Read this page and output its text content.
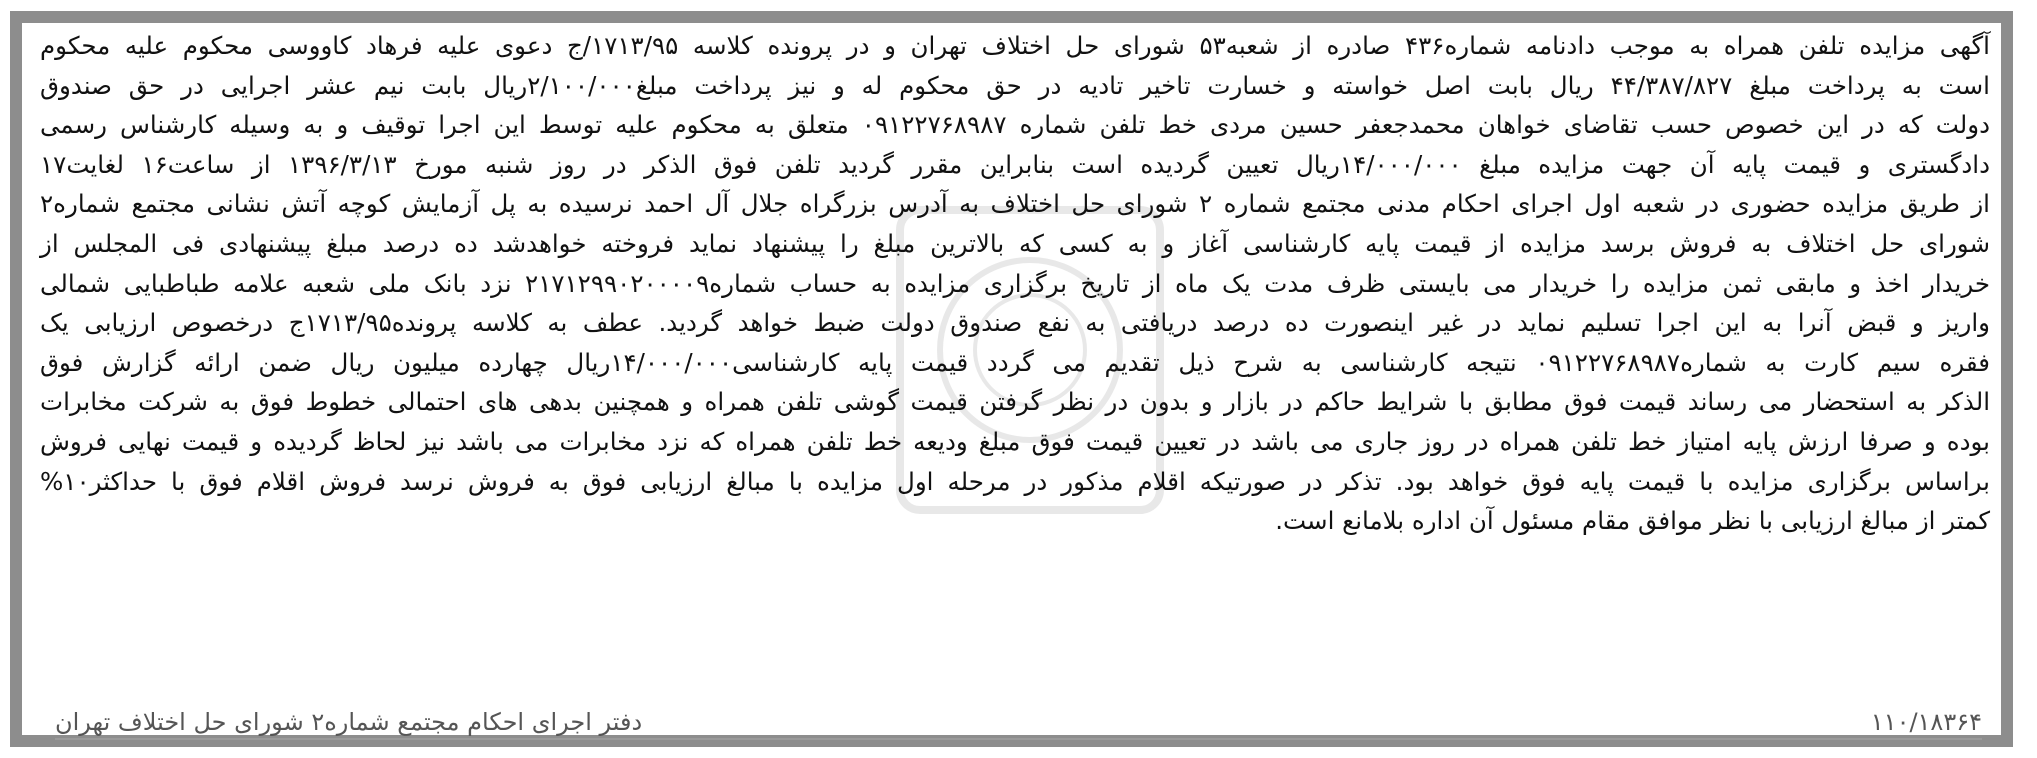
آگهی مزایده تلفن همراه به موجب دادنامه شماره۴۳۶ صادره از شعبه۵۳ شورای حل اختلاف تهران و در پرونده کلاسه ۱۷۱۳/۹۵/ج دعوی علیه فرهاد کاووسی محکوم علیه محکوم
است به پرداخت مبلغ ۴۴/۳۸۷/۸۲۷ ریال بابت اصل خواسته و خسارت تاخیر تادیه در حق محکوم له و نیز پرداخت مبلغ۲/۱۰۰/۰۰۰ریال بابت نیم عشر اجرایی در حق صندوق
دولت که در این خصوص حسب تقاضای خواهان محمدجعفر حسین مردی خط تلفن شماره ۰۹۱۲۲۷۶۸۹۸۷ متعلق به محکوم علیه توسط این اجرا توقیف و به وسیله کارشناس رسمی
دادگستری و قیمت پایه آن جهت مزایده مبلغ ۱۴/۰۰۰/۰۰۰ریال تعیین گردیده است بنابراین مقرر گردید تلفن فوق الذکر در روز شنبه مورخ ۱۳۹۶/۳/۱۳ از ساعت۱۶ لغایت۱۷
از طریق مزایده حضوری در شعبه اول اجرای احکام مدنی مجتمع شماره ۲ شورای حل اختلاف به آدرس بزرگراه جلال آل احمد نرسیده به پل آزمایش کوچه آتش نشانی مجتمع شماره۲
شورای حل اختلاف به فروش برسد مزایده از قیمت پایه کارشناسی آغاز و به کسی که بالاترین مبلغ را پیشنهاد نماید فروخته خواهدشد ده درصد مبلغ پیشنهادی فی المجلس از
خریدار اخذ و مابقی ثمن مزایده را خریدار می بایستی ظرف مدت یک ماه از تاریخ برگزاری مزایده به حساب شماره۲۱۷۱۲۹۹۰۲۰۰۰۰۹ نزد بانک ملی شعبه علامه طباطبایی شمالی
واریز و قبض آنرا به این اجرا تسلیم نماید در غیر اینصورت ده درصد دریافتی به نفع صندوق دولت ضبط خواهد گردید. عطف به کلاسه پرونده۱۷۱۳/۹۵ج درخصوص ارزیابی یک
فقره سیم کارت به شماره۰۹۱۲۲۷۶۸۹۸۷ نتیجه کارشناسی به شرح ذیل تقدیم می گردد قیمت پایه کارشناسی۱۴/۰۰۰/۰۰۰ریال چهارده میلیون ریال ضمن ارائه گزارش فوق
الذکر به استحضار می رساند قیمت فوق مطابق با شرایط حاکم در بازار و بدون در نظر گرفتن قیمت گوشی تلفن همراه و همچنین بدهی های احتمالی خطوط فوق به شرکت مخابرات
بوده و صرفا ارزش پایه امتیاز خط تلفن همراه در روز جاری می باشد در تعیین قیمت فوق مبلغ ودیعه خط تلفن همراه که نزد مخابرات می باشد نیز لحاظ گردیده و قیمت نهایی فروش
براساس برگزاری مزایده با قیمت پایه فوق خواهد بود. تذکر در صورتیکه اقلام مذکور در مرحله اول مزایده با مبالغ ارزیابی فوق به فروش نرسد فروش اقلام فوق با حداکثر۱۰%
کمتر از مبالغ ارزیابی با نظر موافق مقام مسئول آن اداره بلامانع است.
دفتر اجرای احکام مجتمع شماره۲ شورای حل اختلاف تهران	۱۱۰/۱۸۳۶۴
